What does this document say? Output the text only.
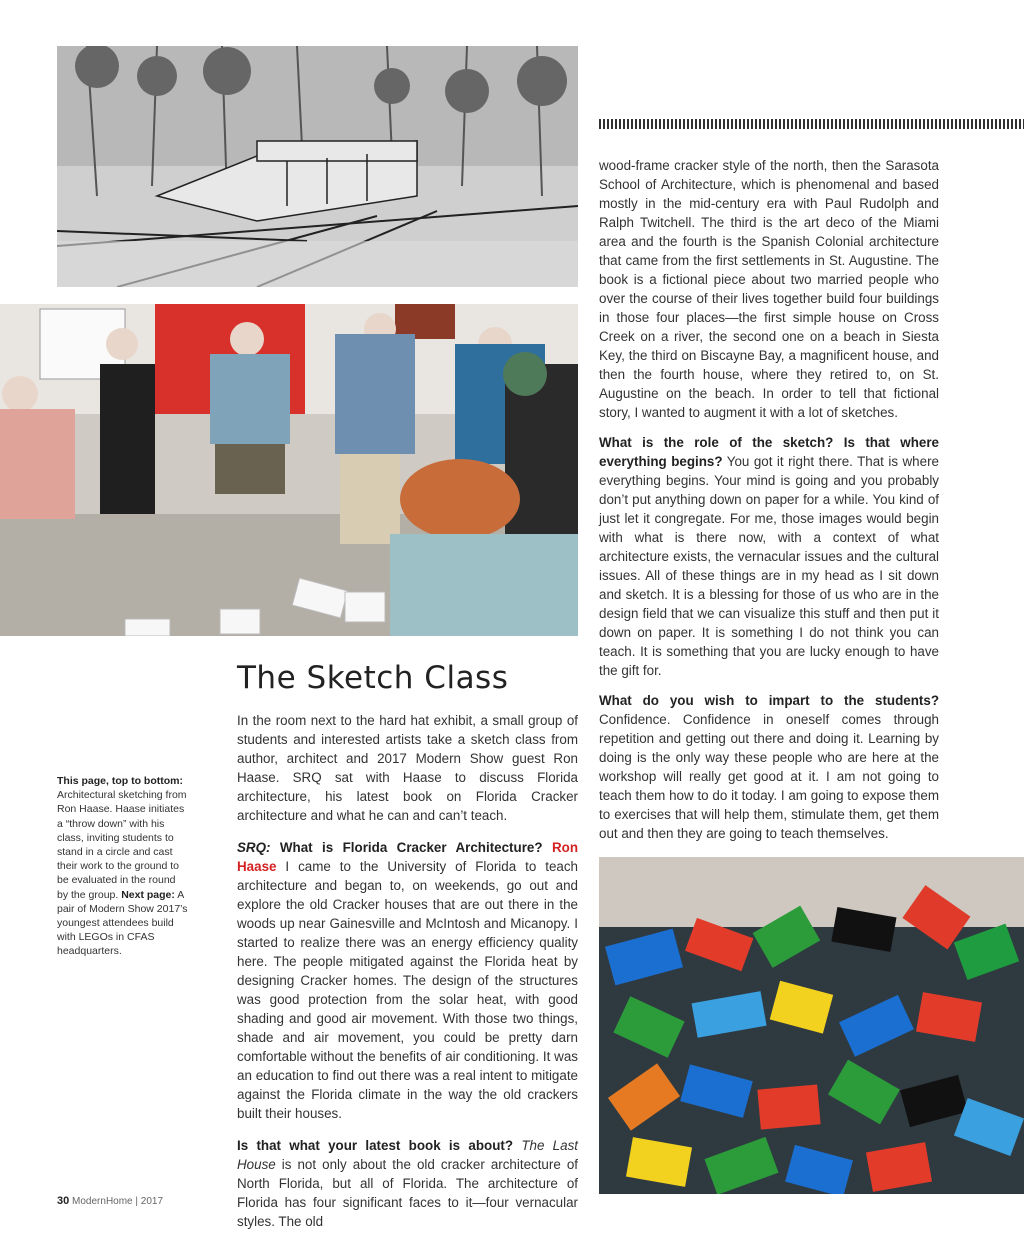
The Sketch Class

In the room next to the hard hat exhibit, a small group of students and interested artists take a sketch class from author, architect and 2017 Modern Show guest Ron Haase. SRQ sat with Haase to discuss Florida architecture, his latest book on Florida Cracker architecture and what he can and can’t teach.

SRQ: What is Florida Cracker Architecture? Ron Haase I came to the University of Florida to teach architecture and began to, on weekends, go out and explore the old Cracker houses that are out there in the woods up near Gainesville and McIntosh and Micanopy. I started to realize there was an energy efficiency quality here. The people mitigated against the Florida heat by designing Cracker homes. The design of the structures was good protection from the solar heat, with good shading and good air movement. With those two things, shade and air movement, you could be pretty darn comfortable without the benefits of air conditioning. It was an education to find out there was a real intent to mitigate against the Florida climate in the way the old crackers built their houses.

Is that what your latest book is about? The Last House is not only about the old cracker architecture of North Florida, but all of Florida. The architecture of Florida has four significant faces to it—four vernacular styles. The old

wood-frame cracker style of the north, then the Sarasota School of Architecture, which is phenomenal and based mostly in the mid-century era with Paul Rudolph and Ralph Twitchell. The third is the art deco of the Miami area and the fourth is the Spanish Colonial architecture that came from the first settlements in St. Augustine. The book is a fictional piece about two married people who over the course of their lives together build four buildings in those four places—the first simple house on Cross Creek on a river, the second one on a beach in Siesta Key, the third on Biscayne Bay, a magnificent house, and then the fourth house, where they retired to, on St. Augustine on the beach. In order to tell that fictional story, I wanted to augment it with a lot of sketches.

What is the role of the sketch? Is that where everything begins? You got it right there. That is where everything begins. Your mind is going and you probably don’t put anything down on paper for a while. You kind of just let it congregate. For me, those images would begin with what is there now, with a context of what architecture exists, the vernacular issues and the cultural issues. All of these things are in my head as I sit down and sketch. It is a blessing for those of us who are in the design field that we can visualize this stuff and then put it down on paper. It is something I do not think you can teach. It is something that you are lucky enough to have the gift for.

What do you wish to impart to the students? Confidence. Confidence in oneself comes through repetition and getting out there and doing it. Learning by doing is the only way these people who are here at the workshop will really get good at it. I am not going to teach them how to do it today. I am going to expose them to exercises that will help them, stimulate them, get them out and then they are going to teach themselves.

This page, top to bottom: Architectural sketching from Ron Haase. Haase initiates a “throw down” with his class, inviting students to stand in a circle and cast their work to the ground to be evaluated in the round by the group. Next page: A pair of Modern Show 2017’s youngest attendees build with LEGOs in CFAS headquarters.
30 ModernHome | 2017
